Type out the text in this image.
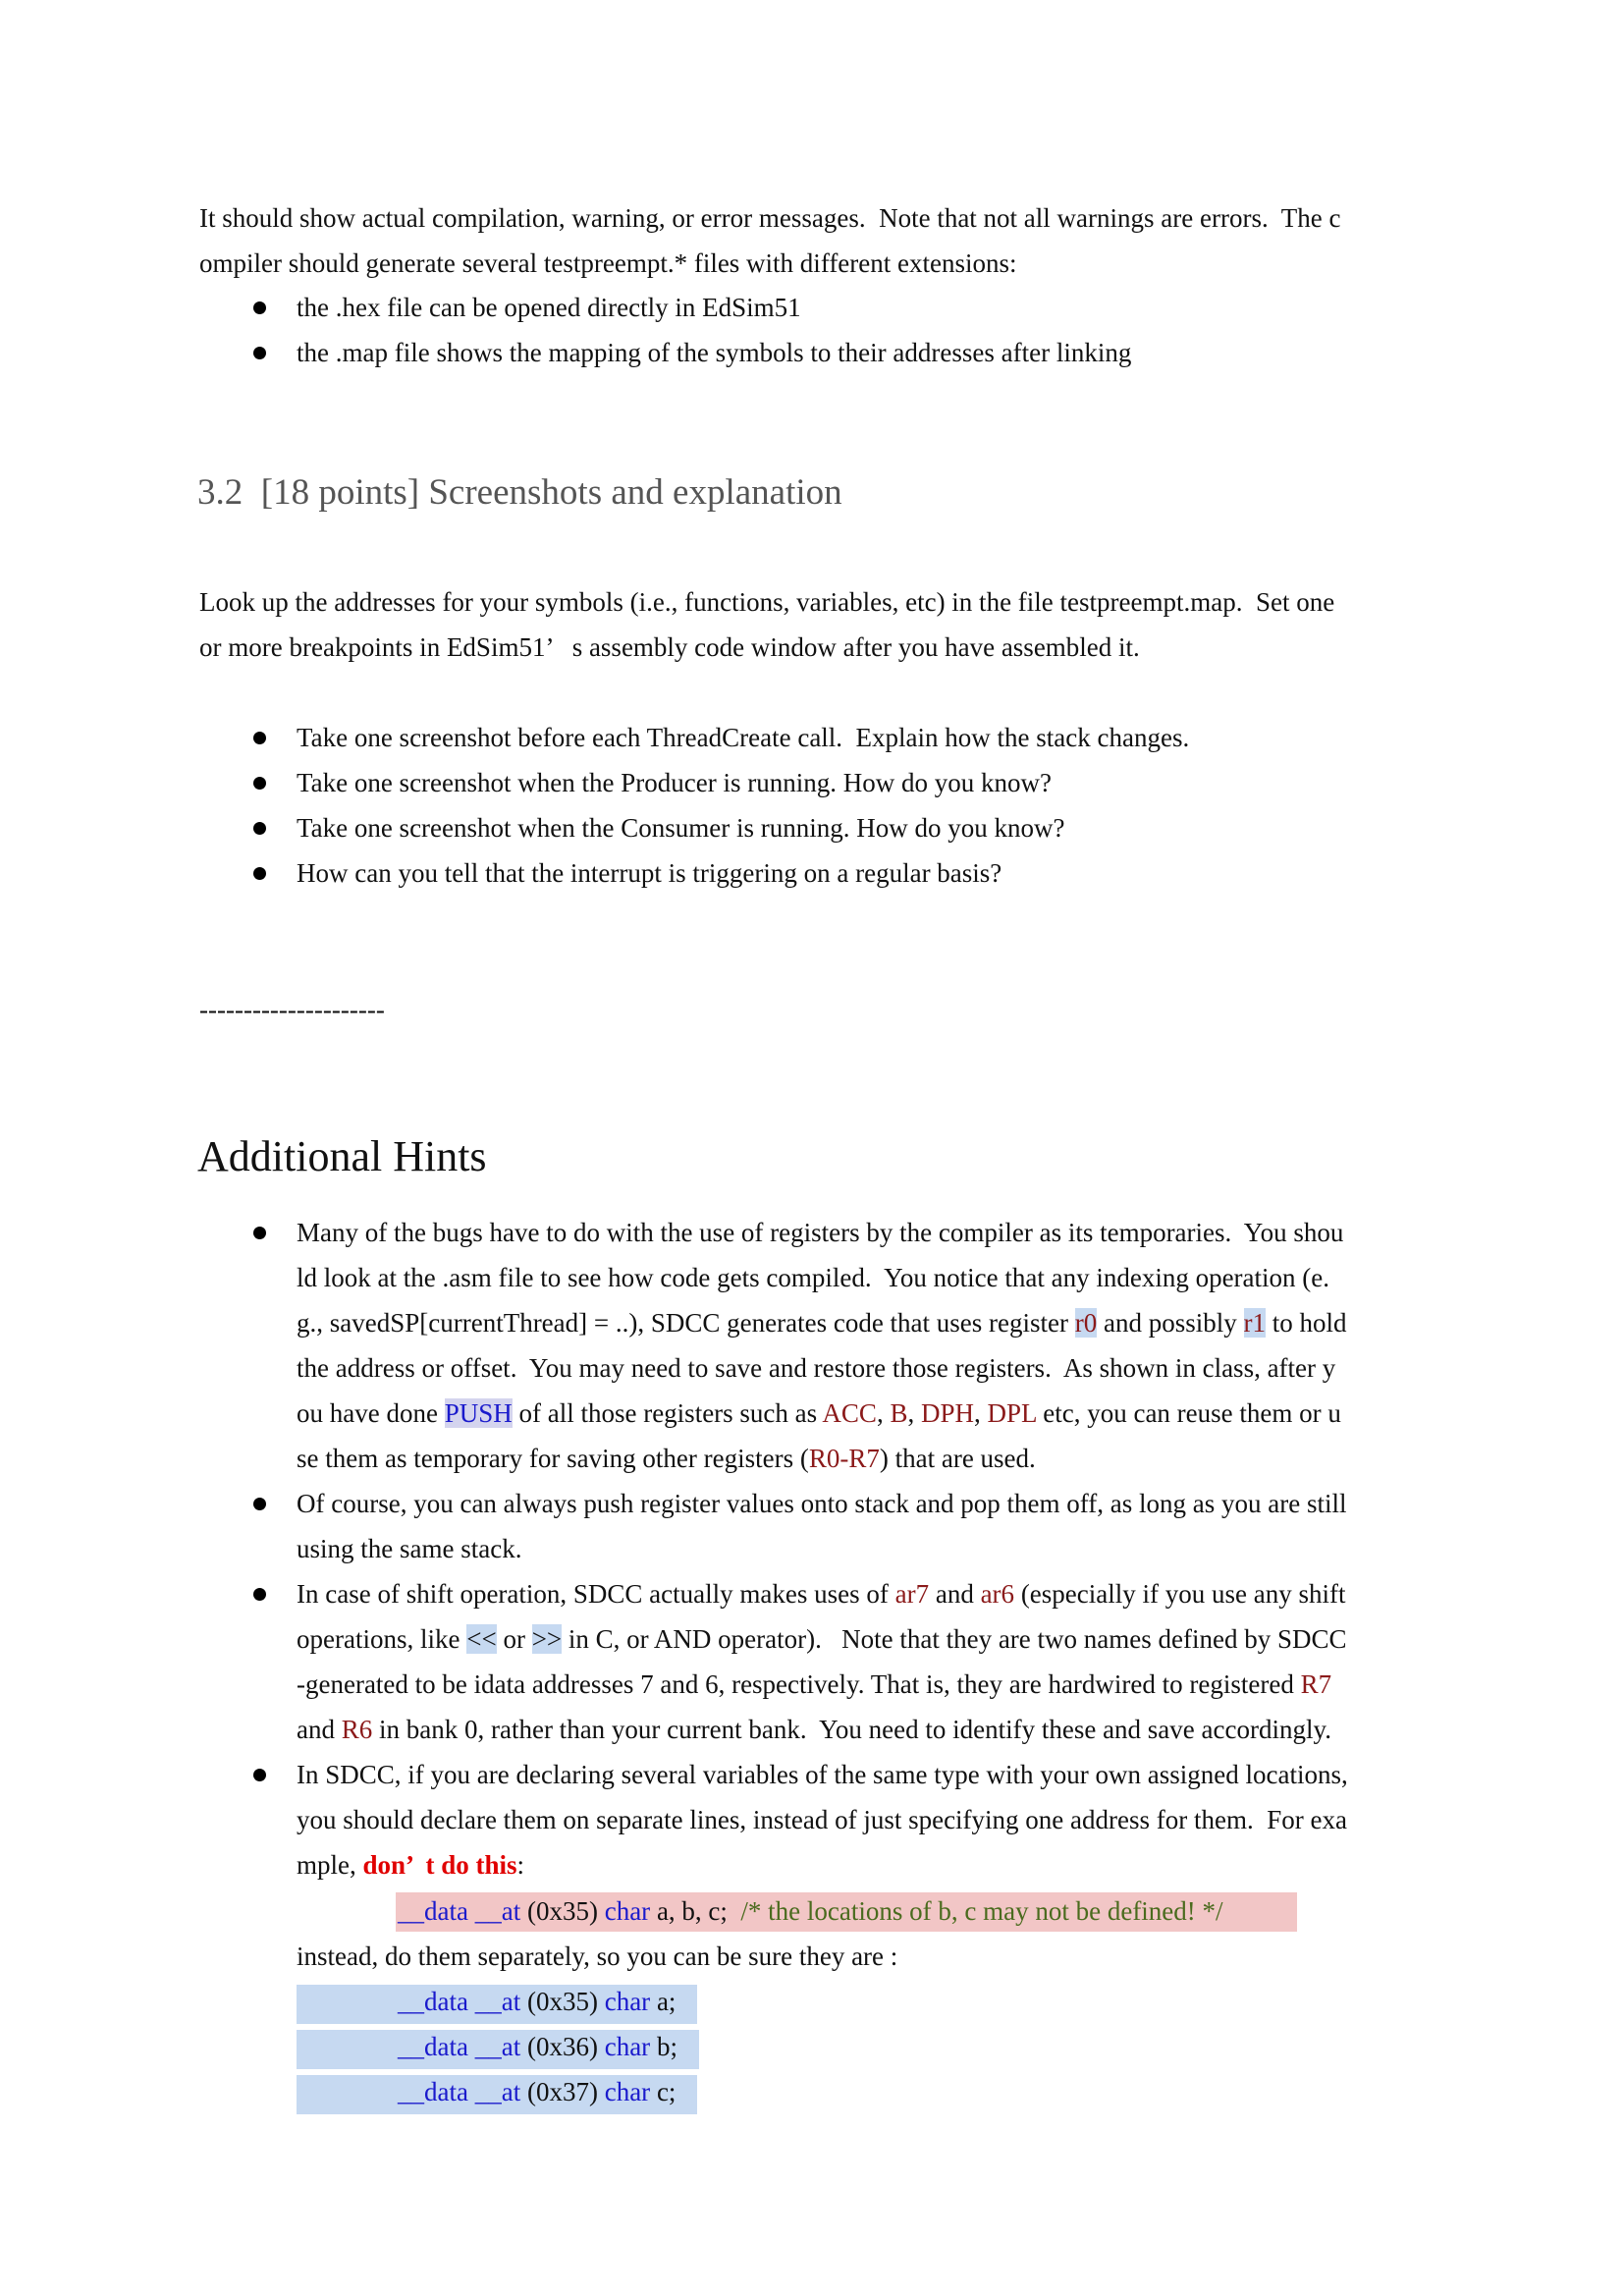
It should show actual compilation, warning, or error messages.  Note that not all warnings are errors.  The c
ompiler should generate several testpreempt.* files with different extensions:
the .hex file can be opened directly in EdSim51
the .map file shows the mapping of the symbols to their addresses after linking
3.2  [18 points] Screenshots and explanation
Look up the addresses for your symbols (i.e., functions, variables, etc) in the file testpreempt.map.  Set one
or more breakpoints in EdSim51’   s assembly code window after you have assembled it.
Take one screenshot before each ThreadCreate call.  Explain how the stack changes.
Take one screenshot when the Producer is running. How do you know?
Take one screenshot when the Consumer is running. How do you know?
How can you tell that the interrupt is triggering on a regular basis?
---------------------
Additional Hints
Many of the bugs have to do with the use of registers by the compiler as its temporaries.  You shou
ld look at the .asm file to see how code gets compiled.  You notice that any indexing operation (e.
g., savedSP[currentThread] = ..), SDCC generates code that uses register r0 and possibly r1 to hold
the address or offset.  You may need to save and restore those registers.  As shown in class, after y
ou have done PUSH of all those registers such as ACC, B, DPH, DPL etc, you can reuse them or u
se them as temporary for saving other registers (R0-R7) that are used.
Of course, you can always push register values onto stack and pop them off, as long as you are still
using the same stack.
In case of shift operation, SDCC actually makes uses of ar7 and ar6 (especially if you use any shift
operations, like << or >> in C, or AND operator).   Note that they are two names defined by SDCC
-generated to be idata addresses 7 and 6, respectively. That is, they are hardwired to registered R7
and R6 in bank 0, rather than your current bank.  You need to identify these and save accordingly.
In SDCC, if you are declaring several variables of the same type with your own assigned locations,
you should declare them on separate lines, instead of just specifying one address for them.  For exa
mple, don’  t do this:
__data __at (0x35) char a, b, c;  /* the locations of b, c may not be defined! */
instead, do them separately, so you can be sure they are :
__data __at (0x35) char a;
__data __at (0x36) char b;
__data __at (0x37) char c;
